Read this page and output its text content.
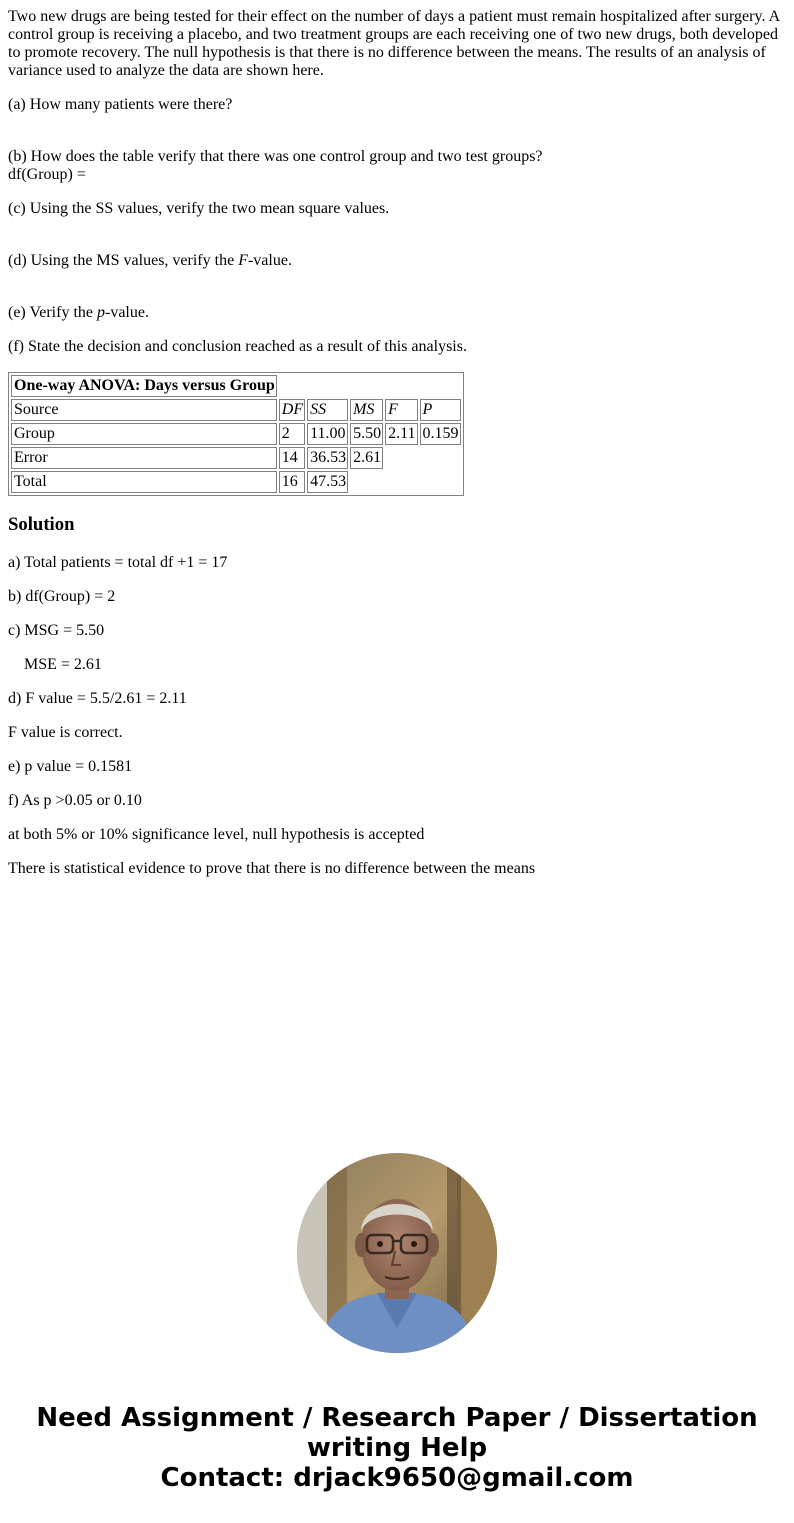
Two new drugs are being tested for their effect on the number of days a patient must remain hospitalized after surgery. A control group is receiving a placebo, and two treatment groups are each receiving one of two new drugs, both developed to promote recovery. The null hypothesis is that there is no difference between the means. The results of an analysis of variance used to analyze the data are shown here.

(a) How many patients were there?

(b) How does the table verify that there was one control group and two test groups?
df(Group) =

(c) Using the SS values, verify the two mean square values.

(d) Using the MS values, verify the F-value.

(e) Verify the p-value.

(f) State the decision and conclusion reached as a result of this analysis.

One-way ANOVA: Days versus Group					
Source	DF	SS	MS	F	P
Group	2	11.00	5.50	2.11	0.159
Error	14	36.53	2.61		
Total	16	47.53			
Solution

a) Total patients = total df +1 = 17

b) df(Group) = 2

c) MSG = 5.50

MSE = 2.61

d) F value = 5.5/2.61 = 2.11

F value is correct.

e) p value = 0.1581

f) As p >0.05 or 0.10

at both 5% or 10% significance level, null hypothesis is accepted

There is statistical evidence to prove that there is no difference between the means

Need Assignment / Research Paper / Dissertation
writing Help
Contact: drjack9650@gmail.com
